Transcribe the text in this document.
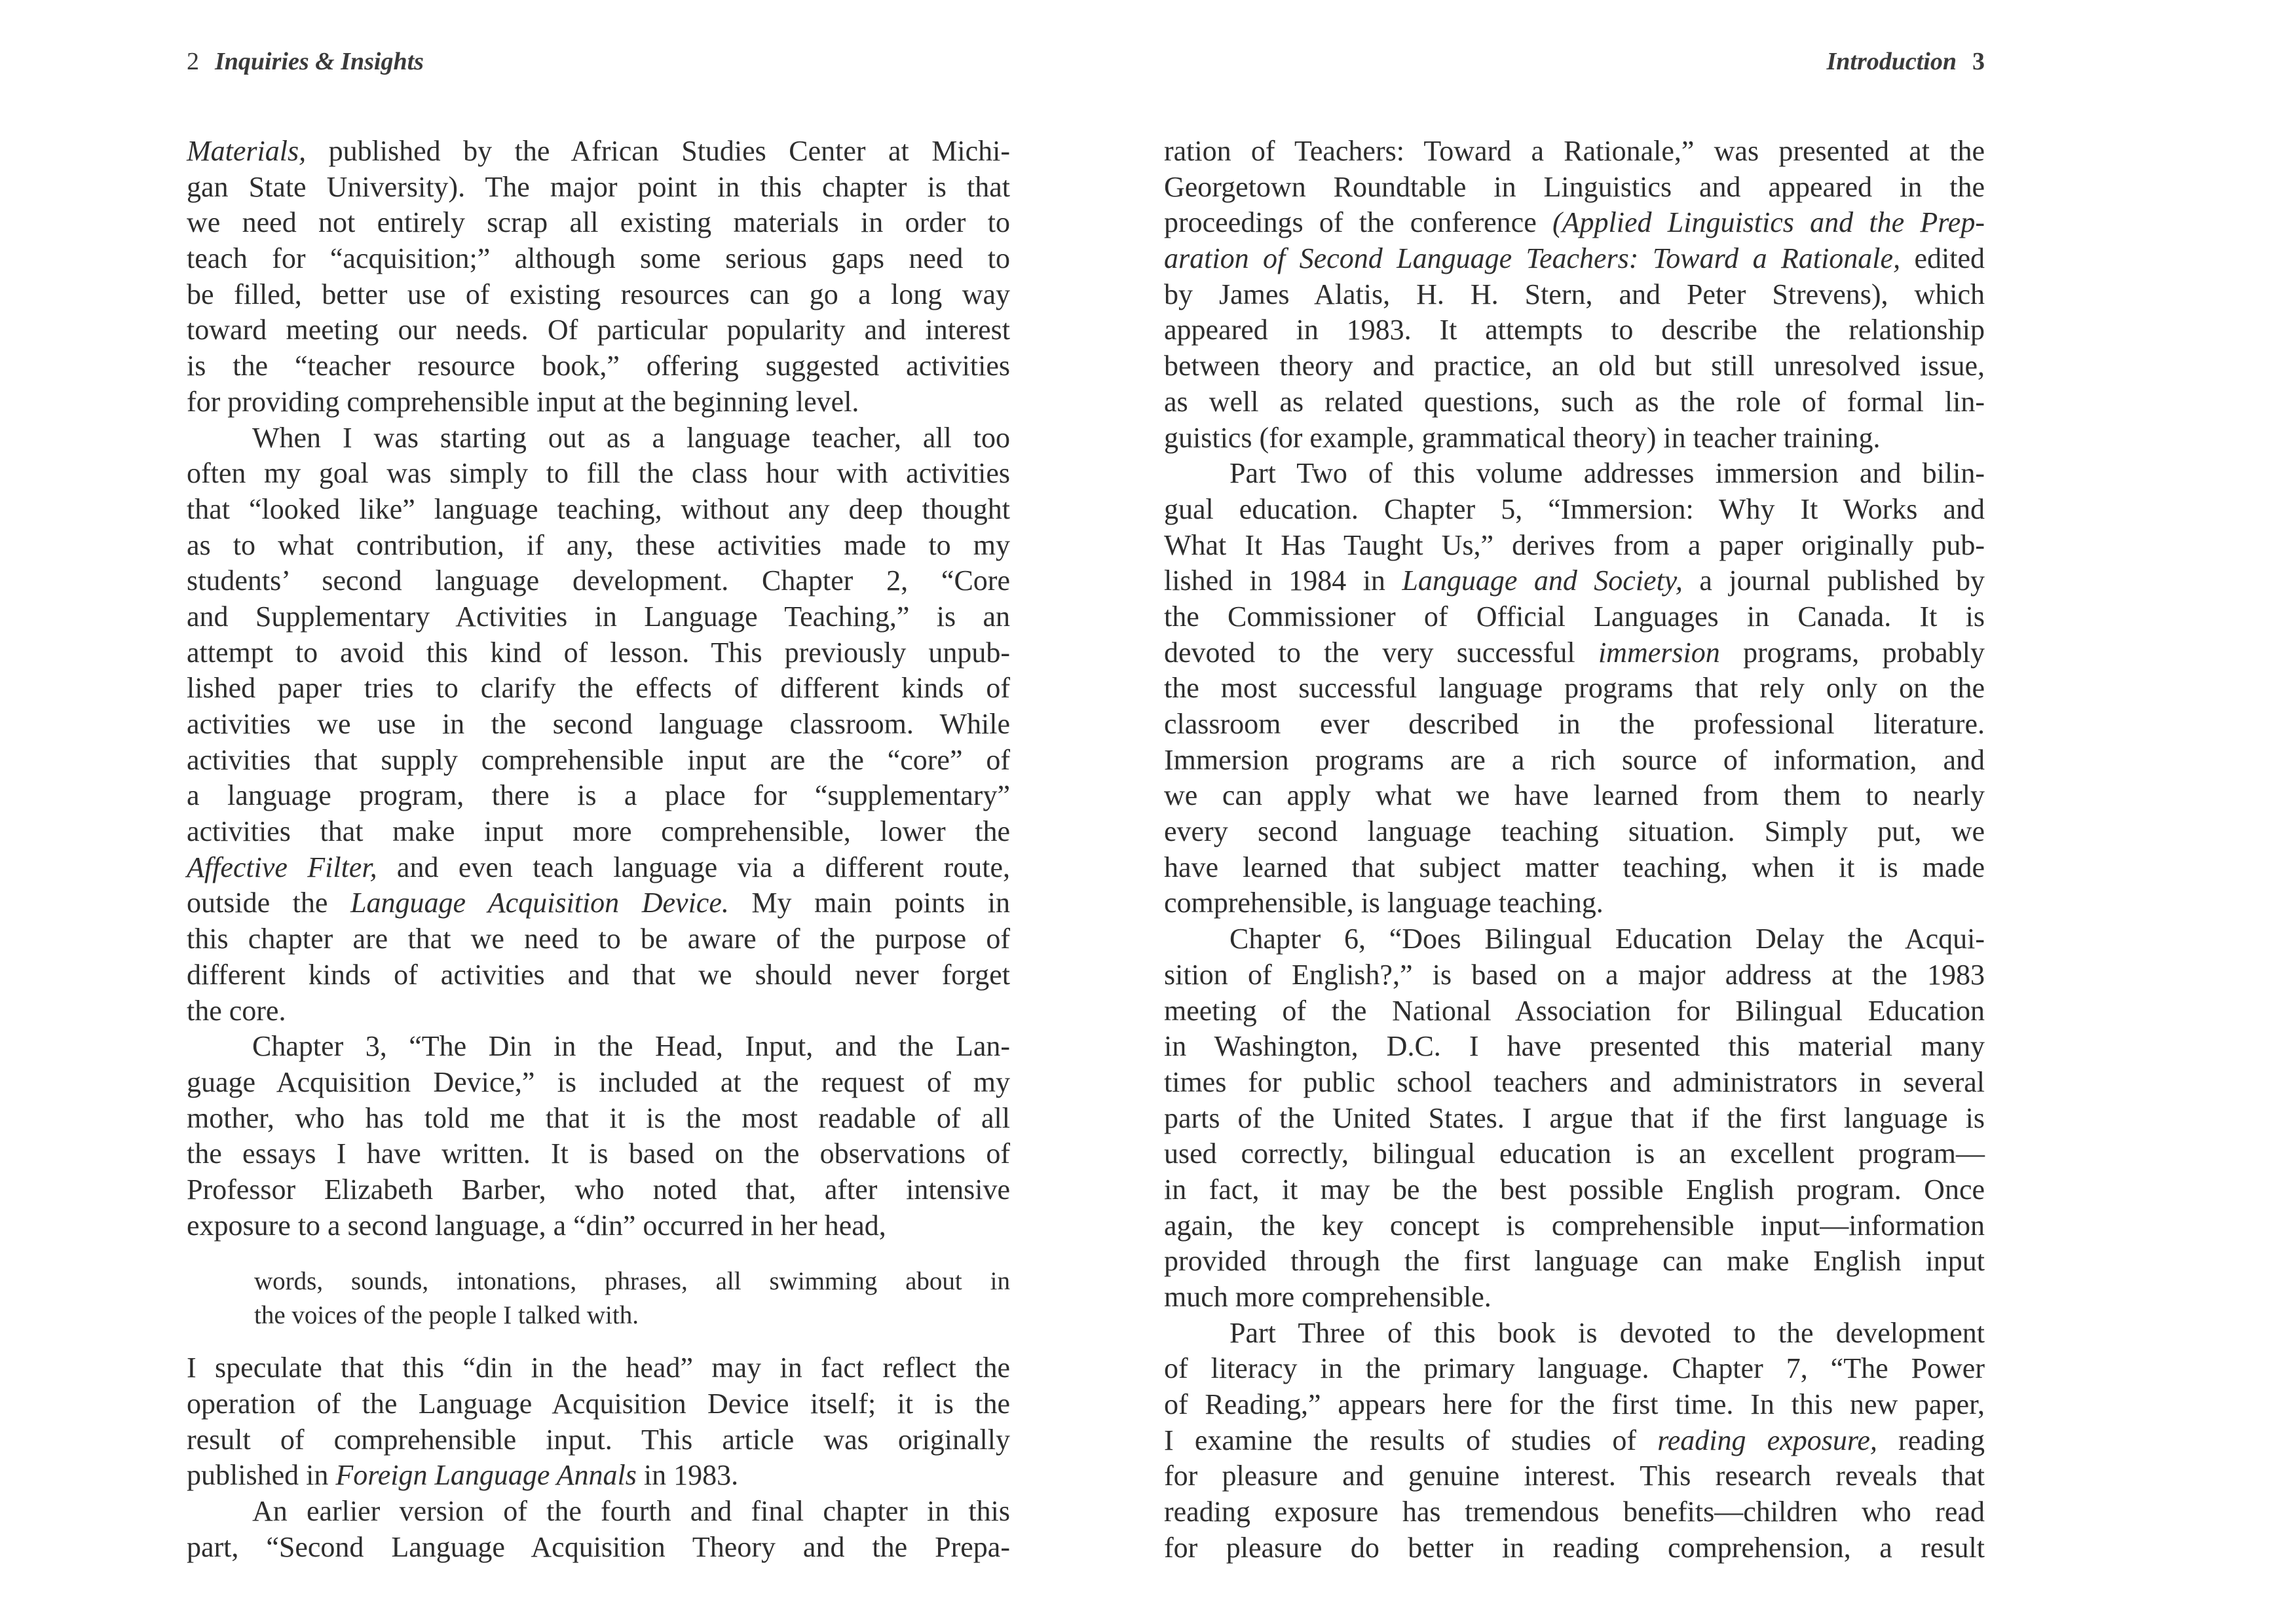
2 Inquiries & Insights	Introduction 3
Materials, published by the African Studies Center at Michi-
gan State University). The major point in this chapter is that
we need not entirely scrap all existing materials in order to
teach for “acquisition;” although some serious gaps need to
be filled, better use of existing resources can go a long way
toward meeting our needs. Of particular popularity and interest
is the “teacher resource book,” offering suggested activities
for providing comprehensible input at the beginning level.
When I was starting out as a language teacher, all too
often my goal was simply to fill the class hour with activities
that “looked like” language teaching, without any deep thought
as to what contribution, if any, these activities made to my
students’ second language development. Chapter 2, “Core
and Supplementary Activities in Language Teaching,” is an
attempt to avoid this kind of lesson. This previously unpub-
lished paper tries to clarify the effects of different kinds of
activities we use in the second language classroom. While
activities that supply comprehensible input are the “core” of
a language program, there is a place for “supplementary”
activities that make input more comprehensible, lower the
Affective Filter, and even teach language via a different route,
outside the Language Acquisition Device. My main points in
this chapter are that we need to be aware of the purpose of
different kinds of activities and that we should never forget
the core.
Chapter 3, “The Din in the Head, Input, and the Lan-
guage Acquisition Device,” is included at the request of my
mother, who has told me that it is the most readable of all
the essays I have written. It is based on the observations of
Professor Elizabeth Barber, who noted that, after intensive
exposure to a second language, a “din” occurred in her head,
words, sounds, intonations, phrases, all swimming about in
the voices of the people I talked with.
I speculate that this “din in the head” may in fact reflect the
operation of the Language Acquisition Device itself; it is the
result of comprehensible input. This article was originally
published in Foreign Language Annals in 1983.
An earlier version of the fourth and final chapter in this
part, “Second Language Acquisition Theory and the Prepa-
ration of Teachers: Toward a Rationale,” was presented at the
Georgetown Roundtable in Linguistics and appeared in the
proceedings of the conference (Applied Linguistics and the Prep-
aration of Second Language Teachers: Toward a Rationale, edited
by James Alatis, H. H. Stern, and Peter Strevens), which
appeared in 1983. It attempts to describe the relationship
between theory and practice, an old but still unresolved issue,
as well as related questions, such as the role of formal lin-
guistics (for example, grammatical theory) in teacher training.
Part Two of this volume addresses immersion and bilin-
gual education. Chapter 5, “Immersion: Why It Works and
What It Has Taught Us,” derives from a paper originally pub-
lished in 1984 in Language and Society, a journal published by
the Commissioner of Official Languages in Canada. It is
devoted to the very successful immersion programs, probably
the most successful language programs that rely only on the
classroom ever described in the professional literature.
Immersion programs are a rich source of information, and
we can apply what we have learned from them to nearly
every second language teaching situation. Simply put, we
have learned that subject matter teaching, when it is made
comprehensible, is language teaching.
Chapter 6, “Does Bilingual Education Delay the Acqui-
sition of English?,” is based on a major address at the 1983
meeting of the National Association for Bilingual Education
in Washington, D.C. I have presented this material many
times for public school teachers and administrators in several
parts of the United States. I argue that if the first language is
used correctly, bilingual education is an excellent program—
in fact, it may be the best possible English program. Once
again, the key concept is comprehensible input—information
provided through the first language can make English input
much more comprehensible.
Part Three of this book is devoted to the development
of literacy in the primary language. Chapter 7, “The Power
of Reading,” appears here for the first time. In this new paper,
I examine the results of studies of reading exposure, reading
for pleasure and genuine interest. This research reveals that
reading exposure has tremendous benefits—children who read
for pleasure do better in reading comprehension, a result
